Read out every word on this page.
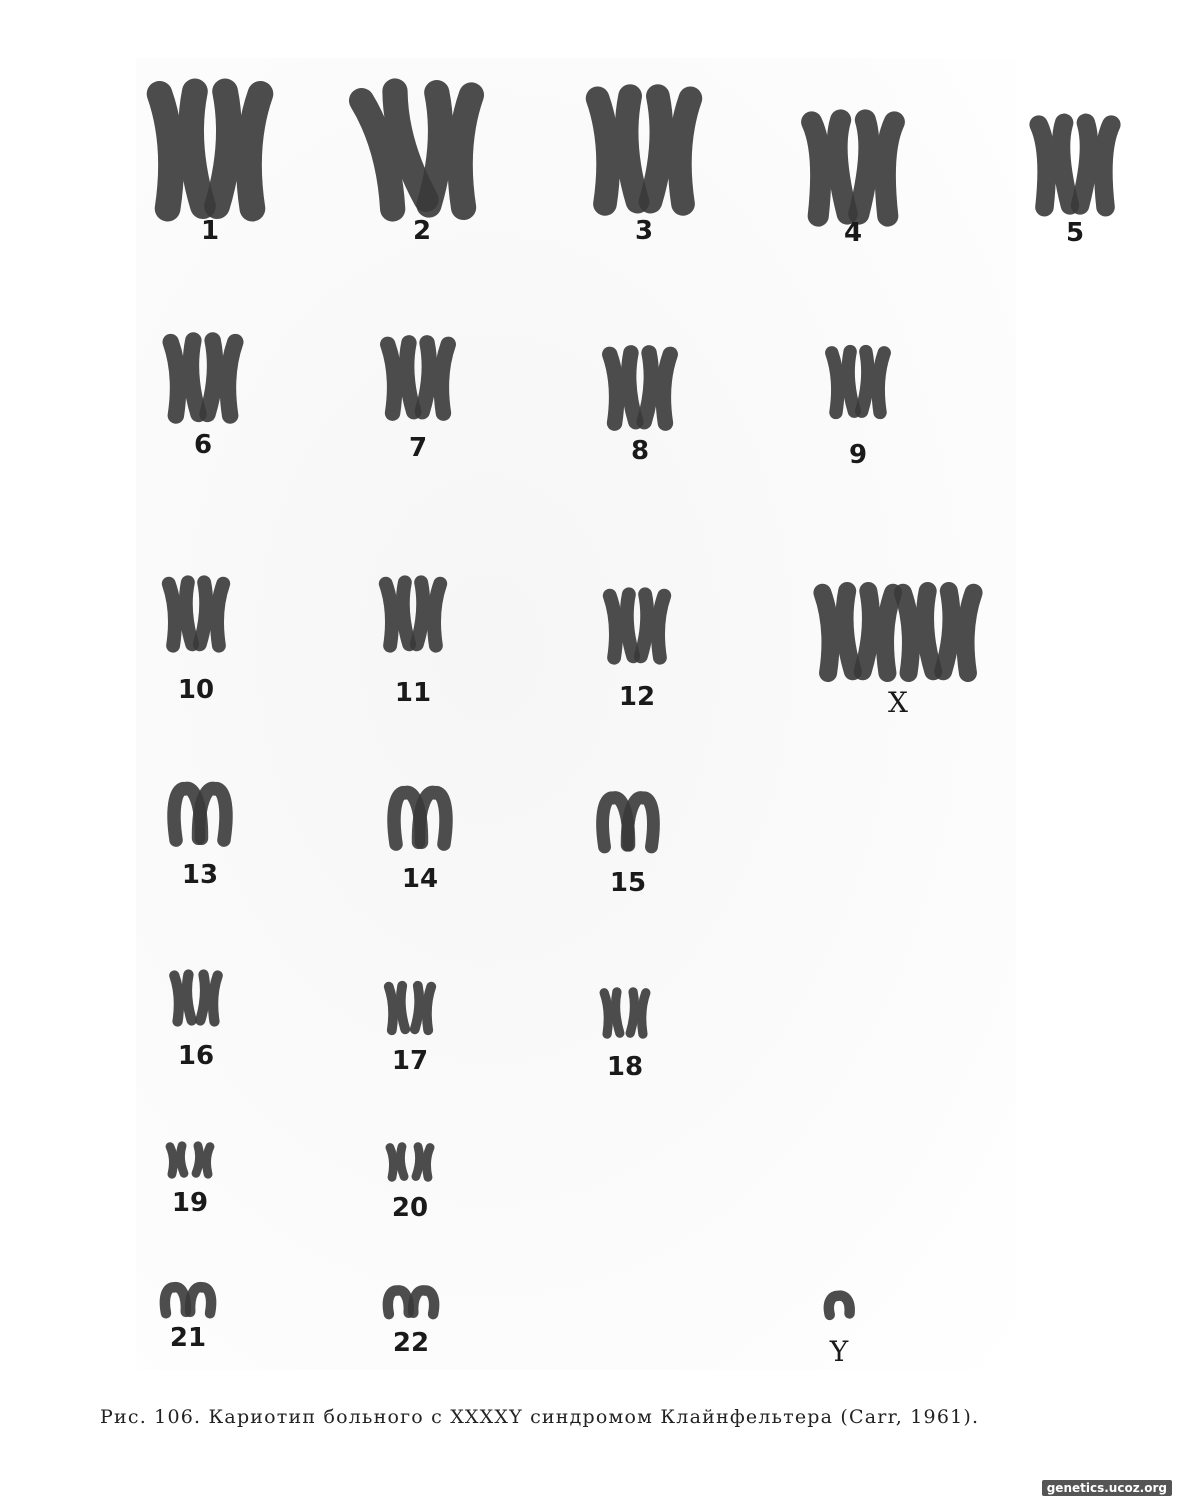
1	2	3	4	5
6	7	8	9
10	11	12	X
13	14	15
16	17	18
19	20
21	22	Y
Рис. 106. Кариотип больного с XXXXY синдромом Клайнфельтера (Carr, 1961).
genetics.ucoz.org
